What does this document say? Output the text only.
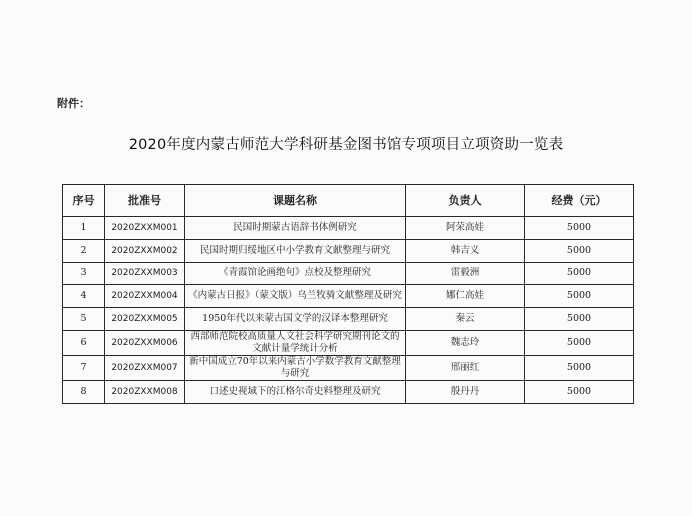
附件：
2020年度内蒙古师范大学科研基金图书馆专项项目立项资助一览表
序号	批准号	课题名称	负责人	经费（元）
1	2020ZXXM001	民国时期蒙古语辞书体例研究	阿荣高娃	5000
2	2020ZXXM002	民国时期归绥地区中小学教育文献整理与研究	韩吉义	5000
3	2020ZXXM003	《青霞馆论画绝句》点校及整理研究	雷毅洲	5000
4	2020ZXXM004	《内蒙古日报》（蒙文版）乌兰牧骑文献整理及研究	娜仁高娃	5000
5	2020ZXXM005	1950年代以来蒙古国文学的汉译本整理研究	秦云	5000
6	2020ZXXM006	西部师范院校高质量人文社会科学研究期刊论文的文献计量学统计分析	魏志玲	5000
7	2020ZXXM007	新中国成立70年以来内蒙古小学数学教育文献整理与研究	邢丽红	5000
8	2020ZXXM008	口述史视域下的江格尔奇史料整理及研究	殷丹丹	5000
